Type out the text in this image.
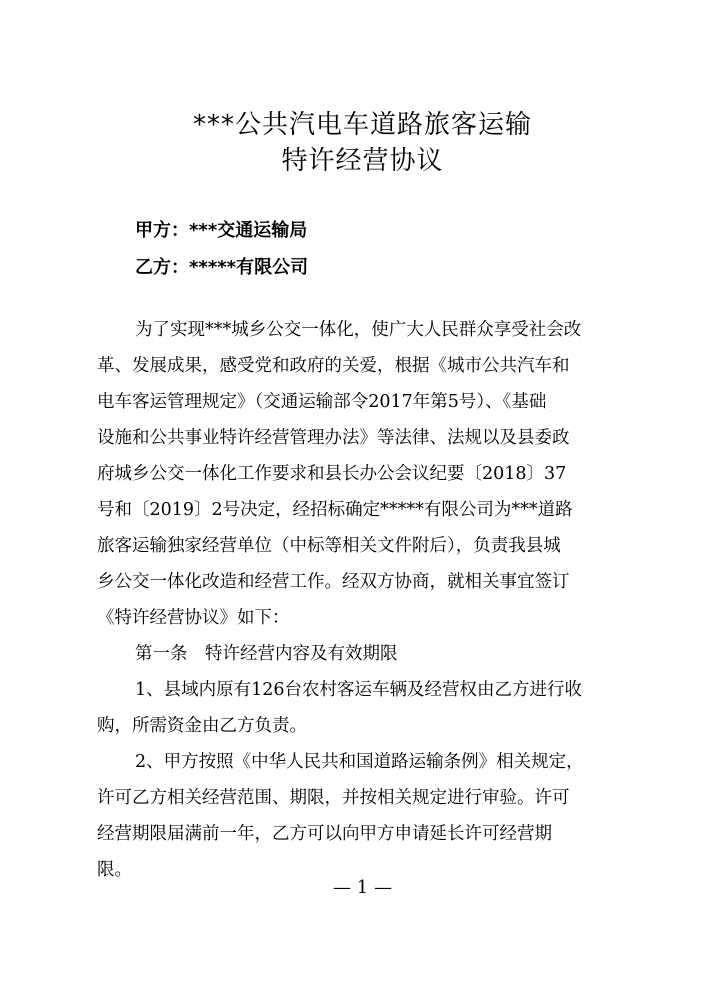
***公共汽电车道路旅客运输
特许经营协议
甲方：***交通运输局
乙方：*****有限公司
为了实现***城乡公交一体化，使广大人民群众享受社会改
革、发展成果，感受党和政府的关爱，根据《城市公共汽车和
电车客运管理规定》（交通运输部令2017年第5号）、《基础
设施和公共事业特许经营管理办法》等法律、法规以及县委政
府城乡公交一体化工作要求和县长办公会议纪要〔2018〕37
号和〔2019〕2号决定，经招标确定*****有限公司为***道路
旅客运输独家经营单位（中标等相关文件附后），负责我县城
乡公交一体化改造和经营工作。经双方协商，就相关事宜签订
《特许经营协议》如下：
第一条　特许经营内容及有效期限
1、县域内原有126台农村客运车辆及经营权由乙方进行收
购，所需资金由乙方负责。
2、甲方按照《中华人民共和国道路运输条例》相关规定，
许可乙方相关经营范围、期限，并按相关规定进行审验。许可
经营期限届满前一年，乙方可以向甲方申请延长许可经营期
限。
— 1 —
